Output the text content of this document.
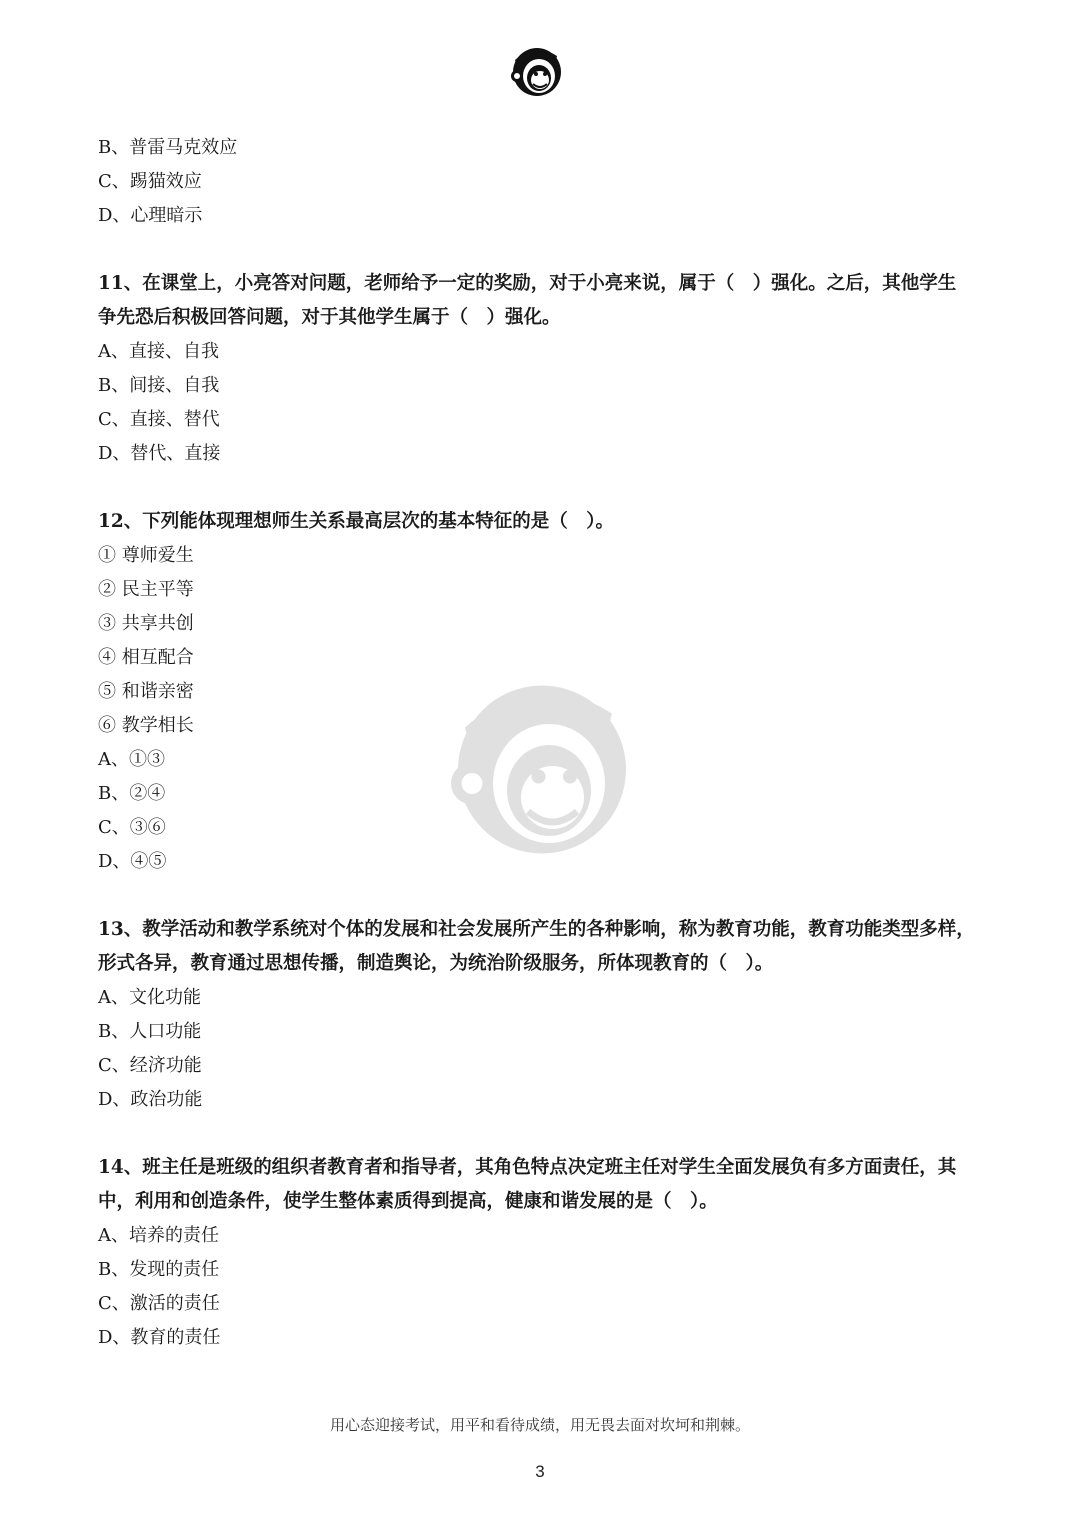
B、普雷马克效应
C、踢猫效应
D、心理暗示
11、在课堂上，小亮答对问题，老师给予一定的奖励，对于小亮来说，属于（　）强化。之后，其他学生
争先恐后积极回答问题，对于其他学生属于（　）强化。
A、直接、自我
B、间接、自我
C、直接、替代
D、替代、直接
12、下列能体现理想师生关系最高层次的基本特征的是（　）。
① 尊师爱生
② 民主平等
③ 共享共创
④ 相互配合
⑤ 和谐亲密
⑥ 教学相长
A、①③
B、②④
C、③⑥
D、④⑤
13、教学活动和教学系统对个体的发展和社会发展所产生的各种影响，称为教育功能，教育功能类型多样，
形式各异，教育通过思想传播，制造舆论，为统治阶级服务，所体现教育的（　）。
A、文化功能
B、人口功能
C、经济功能
D、政治功能
14、班主任是班级的组织者教育者和指导者，其角色特点决定班主任对学生全面发展负有多方面责任，其
中，利用和创造条件，使学生整体素质得到提高，健康和谐发展的是（　）。
A、培养的责任
B、发现的责任
C、激活的责任
D、教育的责任
用心态迎接考试，用平和看待成绩，用无畏去面对坎坷和荆棘。
3
